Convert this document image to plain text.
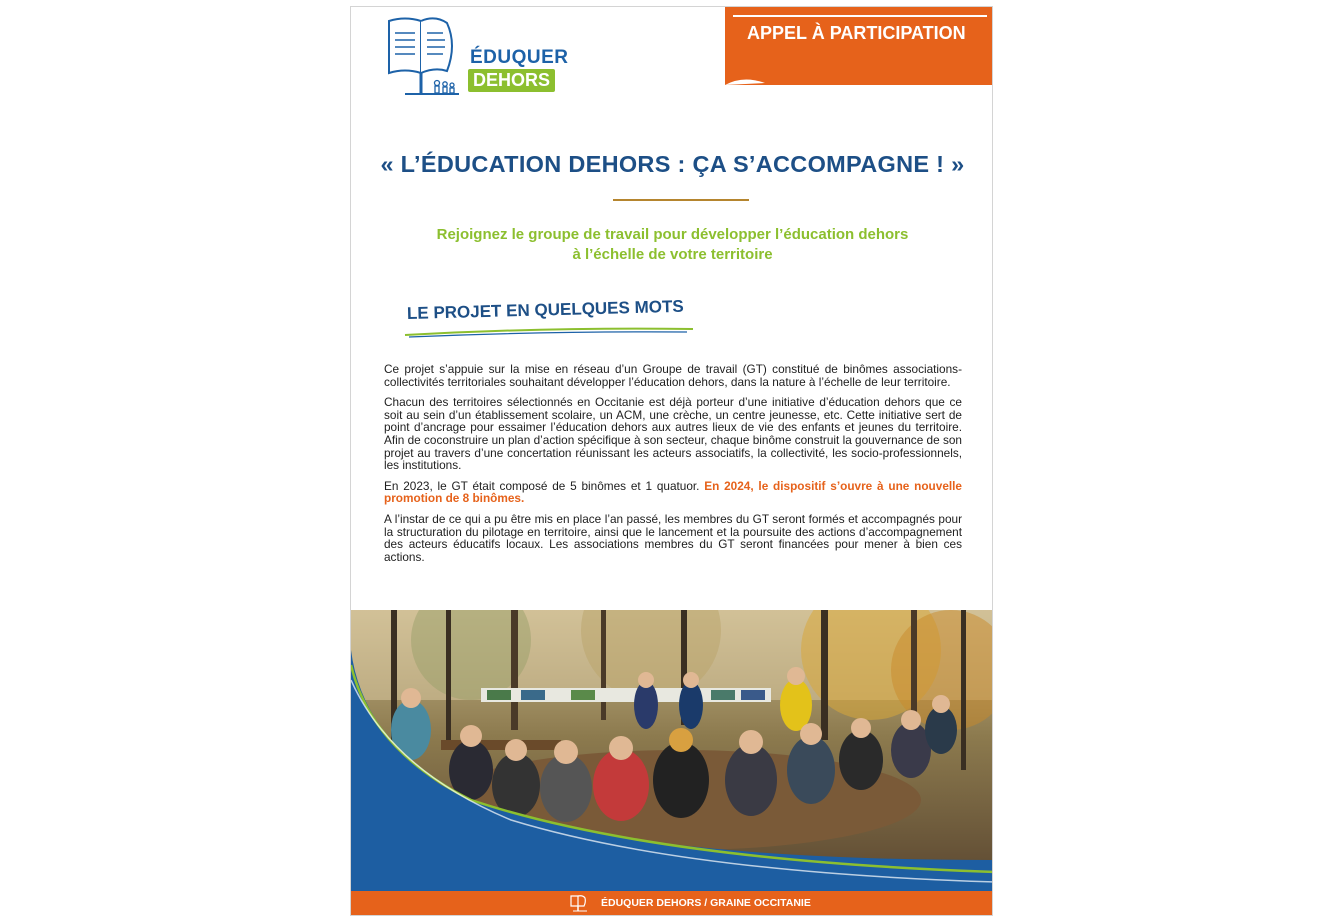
ÉDUQUER
DEHORS
APPEL À PARTICIPATION
« L’ÉDUCATION DEHORS : ÇA S’ACCOMPAGNE ! »
Rejoignez le groupe de travail pour développer l’éducation dehors
à l’échelle de votre territoire
LE PROJET EN QUELQUES MOTS

Ce projet s’appuie sur la mise en réseau d’un Groupe de travail (GT) constitué de binômes associations-collectivités territoriales souhaitant développer l’éducation dehors, dans la nature à l’échelle de leur territoire.

Chacun des territoires sélectionnés en Occitanie est déjà porteur d’une initiative d’éducation dehors que ce soit au sein d’un établissement scolaire, un ACM, une crèche, un centre jeunesse, etc. Cette initiative sert de point d’ancrage pour essaimer l’éducation dehors aux autres lieux de vie des enfants et jeunes du territoire. Afin de coconstruire un plan d’action spécifique à son secteur, chaque binôme construit la gouvernance de son projet au travers d’une concertation réunissant les acteurs associatifs, la collectivité, les socio-professionnels, les institutions.

En 2023, le GT était composé de 5 binômes et 1 quatuor. En 2024, le dispositif s’ouvre à une nouvelle promotion de 8 binômes.

A l’instar de ce qui a pu être mis en place l’an passé, les membres du GT seront formés et accompagnés pour la structuration du pilotage en territoire, ainsi que le lancement et la poursuite des actions d’accompagnement des acteurs éducatifs locaux. Les associations membres du GT seront financées pour mener à bien ces actions.

ÉDUQUER DEHORS / GRAINE OCCITANIE
